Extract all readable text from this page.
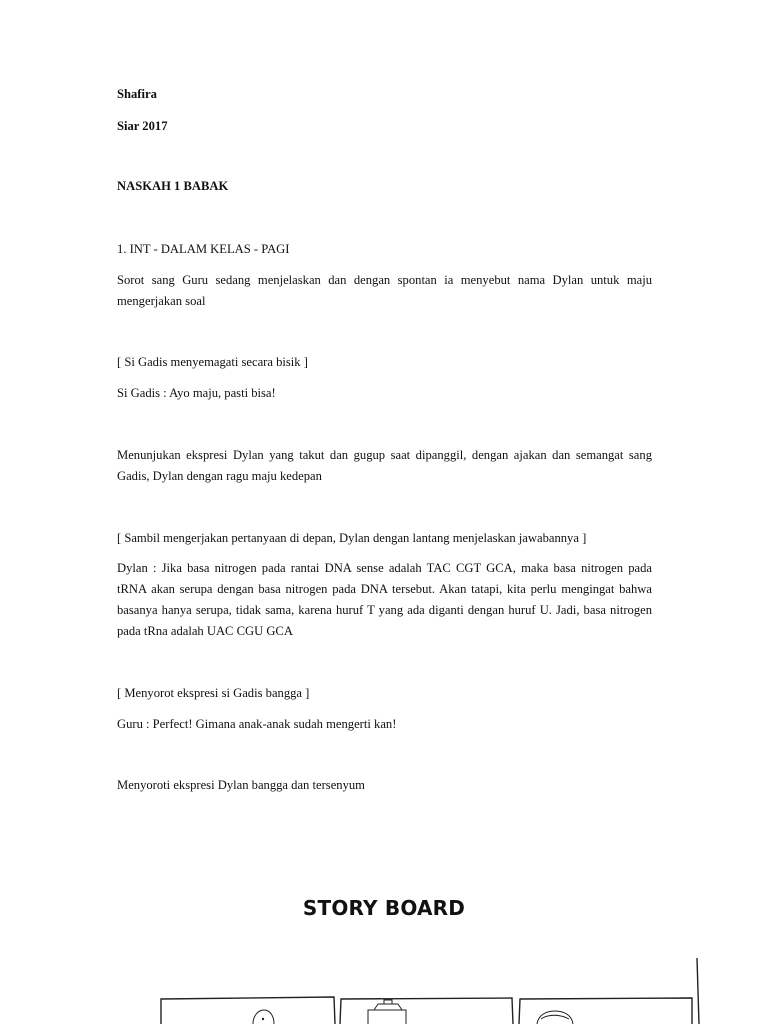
Shafira

Siar 2017

NASKAH 1 BABAK

1. INT - DALAM KELAS - PAGI

Sorot sang Guru sedang menjelaskan dan dengan spontan ia menyebut nama Dylan untuk maju mengerjakan soal

[ Si Gadis menyemagati secara bisik ]

Si Gadis : Ayo maju, pasti bisa!

Menunjukan ekspresi Dylan yang takut dan gugup saat dipanggil, dengan ajakan dan semangat sang Gadis, Dylan dengan ragu maju kedepan

[ Sambil mengerjakan pertanyaan di depan, Dylan dengan lantang menjelaskan jawabannya ]

Dylan : Jika basa nitrogen pada rantai DNA sense adalah TAC CGT GCA, maka basa nitrogen pada tRNA akan serupa dengan basa nitrogen pada DNA tersebut. Akan tatapi, kita perlu mengingat bahwa basanya hanya serupa, tidak sama, karena huruf T yang ada diganti dengan huruf U. Jadi, basa nitrogen pada tRna adalah UAC CGU GCA

[ Menyorot ekspresi si Gadis bangga ]

Guru : Perfect! Gimana anak-anak sudah mengerti kan!

Menyoroti ekspresi Dylan bangga dan tersenyum

STORY BOARD
